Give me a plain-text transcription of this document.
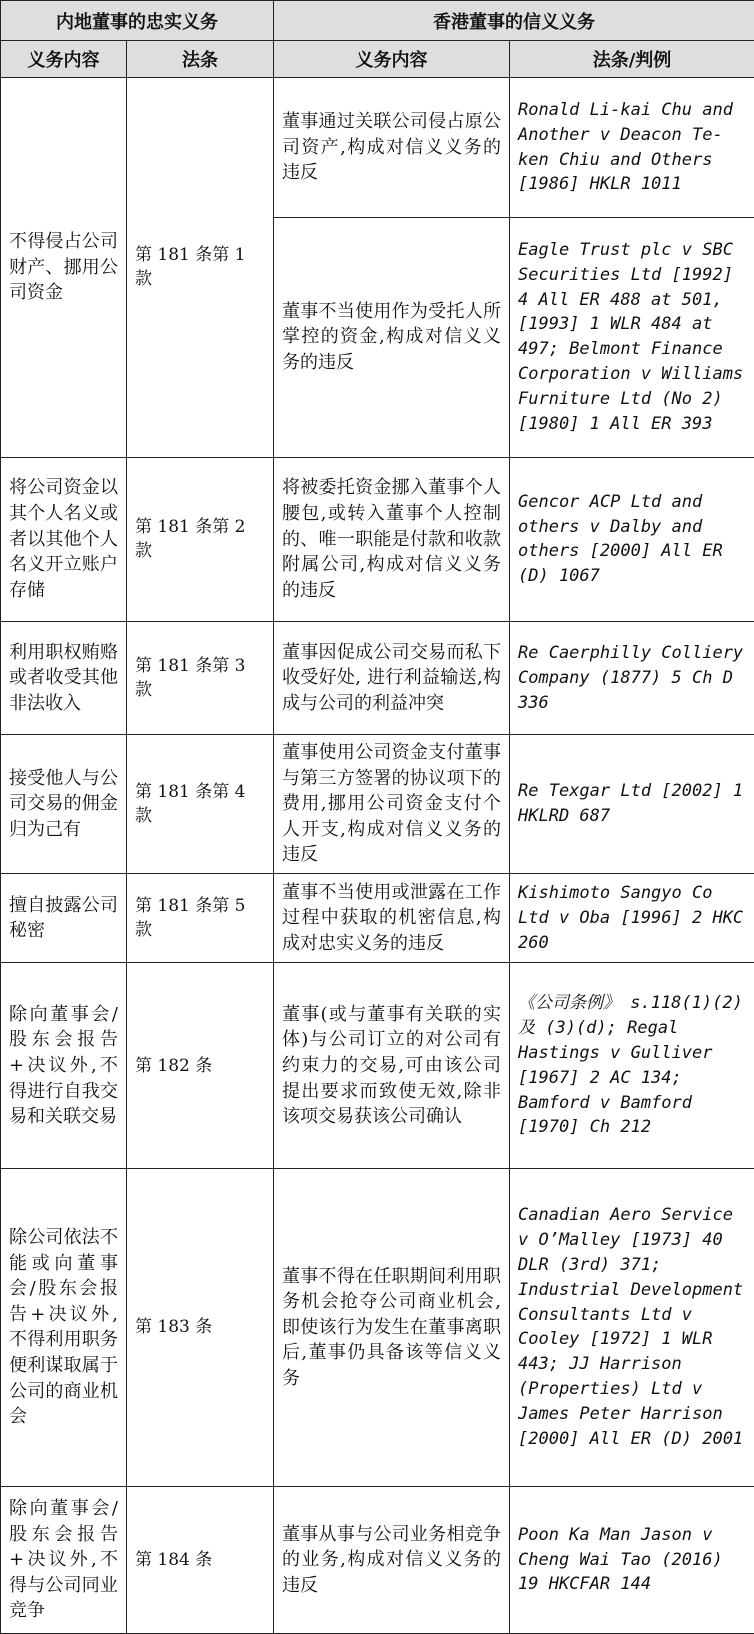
内地董事的忠实义务		香港董事的信义义务	
义务内容	法条	义务内容	法条/判例
不得侵占公司财产、挪用公司资金	第 181 条第 1 款	董事通过关联公司侵占原公司资产,构成对信义义务的违反	Ronald Li-kai Chu and Another v Deacon Te-ken Chiu and Others [1986] HKLR 1011
		董事不当使用作为受托人所掌控的资金,构成对信义义务的违反	Eagle Trust plc v SBC Securities Ltd [1992] 4 All ER 488 at 501, [1993] 1 WLR 484 at 497; Belmont Finance Corporation v Williams Furniture Ltd (No 2) [1980] 1 All ER 393
将公司资金以其个人名义或者以其他个人名义开立账户存储	第 181 条第 2 款	将被委托资金挪入董事个人腰包,或转入董事个人控制的、唯一职能是付款和收款附属公司,构成对信义义务的违反	Gencor ACP Ltd and others v Dalby and others [2000] All ER (D) 1067
利用职权贿赂或者收受其他非法收入	第 181 条第 3 款	董事因促成公司交易而私下收受好处, 进行利益输送,构成与公司的利益冲突	Re Caerphilly Colliery Company (1877) 5 Ch D 336
接受他人与公司交易的佣金归为己有	第 181 条第 4 款	董事使用公司资金支付董事与第三方签署的协议项下的费用,挪用公司资金支付个人开支,构成对信义义务的违反	Re Texgar Ltd [2002] 1 HKLRD 687
擅自披露公司秘密	第 181 条第 5 款	董事不当使用或泄露在工作过程中获取的机密信息,构成对忠实义务的违反	Kishimoto Sangyo Co Ltd v Oba [1996] 2 HKC 260
除向董事会/股东会报告+决议外,不得进行自我交易和关联交易	第 182 条	董事(或与董事有关联的实体)与公司订立的对公司有约束力的交易,可由该公司提出要求而致使无效,除非该项交易获该公司确认	《公司条例》 s.118(1)(2)及 (3)(d); Regal Hastings v Gulliver [1967] 2 AC 134; Bamford v Bamford [1970] Ch 212
除公司依法不能或向董事会/股东会报告+决议外,不得利用职务便利谋取属于公司的商业机会	第 183 条	董事不得在任职期间利用职务机会抢夺公司商业机会,即使该行为发生在董事离职后,董事仍具备该等信义义务	Canadian Aero Service v O’Malley [1973] 40 DLR (3rd) 371; Industrial Development Consultants Ltd v Cooley [1972] 1 WLR 443; JJ Harrison (Properties) Ltd v James Peter Harrison [2000] All ER (D) 2001
除向董事会/股东会报告+决议外,不得与公司同业竞争	第 184 条	董事从事与公司业务相竞争的业务,构成对信义义务的违反	Poon Ka Man Jason v Cheng Wai Tao (2016) 19 HKCFAR 144
